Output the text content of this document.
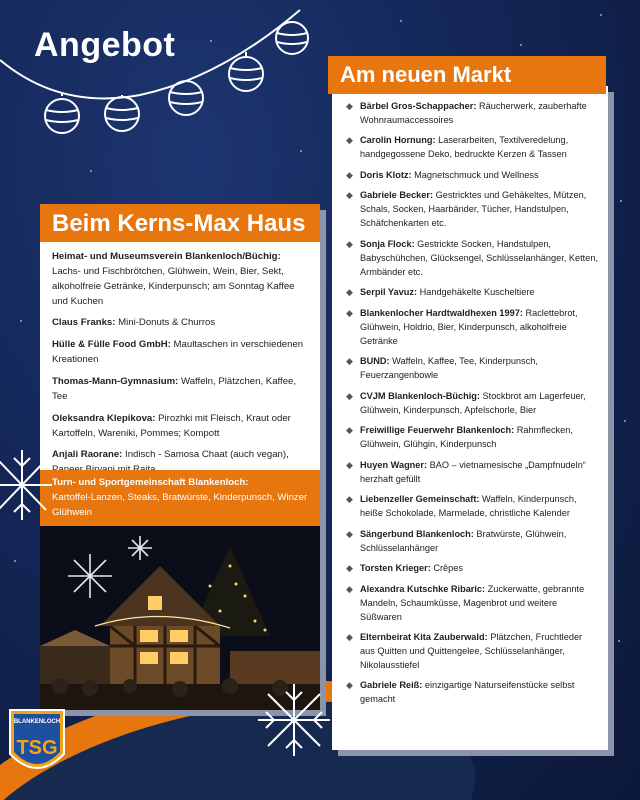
Angebot
Beim Kerns-Max Haus
Heimat- und Museumsverein Blankenloch/Büchig:
Lachs- und Fischbrötchen, Glühwein, Wein, Bier, Sekt, alkoholfreie Getränke, Kinderpunsch; am Sonntag Kaffee und Kuchen
Claus Franks: Mini-Donuts & Churros
Hülle & Fülle Food GmbH: Maultaschen in verschiedenen Kreationen
Thomas-Mann-Gymnasium: Waffeln, Plätzchen, Kaffee, Tee
Oleksandra Klepikova: Pirozhki mit Fleisch, Kraut oder Kartoffeln, Wareniki, Pommes; Kompott
Anjali Raorane: Indisch - Samosa Chaat (auch vegan),
Turn- und Sportgemeinschaft Blankenloch:
Kartoffel-Lanzen, Steaks, Bratwürste, Kinderpunsch, Winzer Glühwein
Am neuen Markt
◆ Bärbel Gros-Schappacher: Räucherwerk, zauberhafte Wohnraumaccessoires
◆ Carolin Hornung: Laserarbeiten, Textilveredelung, handgegossene Deko, bedruckte Kerzen & Tassen
◆ Doris Klotz: Magnetschmuck und Wellness
◆ Gabriele Becker: Gestricktes und Gehäkeltes, Mützen, Schals, Socken, Haarbänder, Tücher, Handstulpen, Schäfchenkarten etc.
◆ Sonja Flock: Gestrickte Socken, Handstulpen, Babyschühchen, Glücksengel, Schlüsselanhänger, Ketten, Armbänder etc.
◆ Serpil Yavuz: Handgehäkelte Kuscheltiere
◆ Blankenlocher Hardtwaldhexen 1997: Raclettebrot, Glühwein, Holdrio, Bier, Kinderpunsch, alkoholfreie Getränke
◆ BUND: Waffeln, Kaffee, Tee, Kinderpunsch, Feuerzangenbowle
◆ CVJM Blankenloch-Büchig: Stockbrot am Lagerfeuer, Glühwein, Kinderpunsch, Apfelschorle, Bier
◆ Freiwillige Feuerwehr Blankenloch: Rahmflecken, Glühwein, Glühgin, Kinderpunsch
◆ Huyen Wagner: BAO – vietnamesische „Dampfnudeln“ herzhaft gefüllt
◆ Liebenzeller Gemeinschaft: Waffeln, Kinderpunsch, heiße Schokolade, Marmelade, christliche Kalender
◆ Sängerbund Blankenloch: Bratwürste, Glühwein, Schlüsselanhänger
◆ Torsten Krieger: Crêpes
◆ Alexandra Kutschke Ribaric: Zuckerwatte, gebrannte Mandeln, Schaumküsse, Magenbrot und weitere Süßwaren
◆ Elternbeirat Kita Zauberwald: Plätzchen, Fruchtleder aus Quitten und Quittengelee, Schlüsselanhänger, Nikolausstiefel
◆ Gabriele Reiß: einzigartige Naturseifenstücke selbst gemacht
BLANKENLOCH
TSG
